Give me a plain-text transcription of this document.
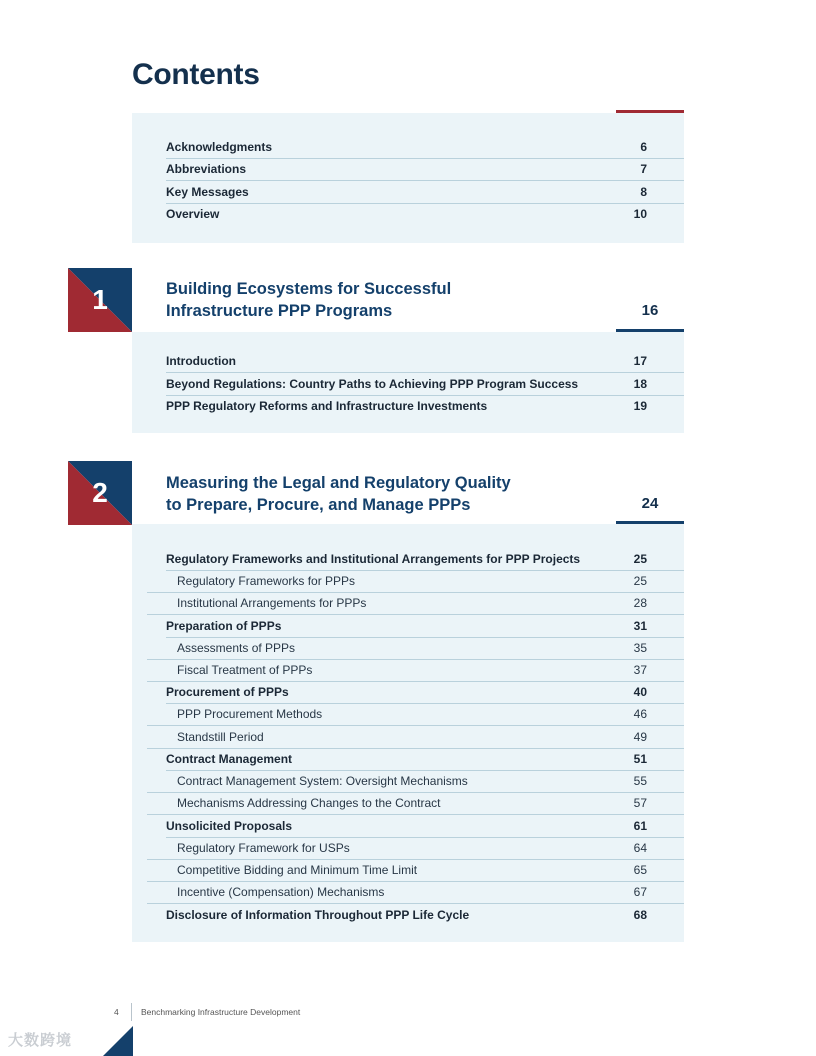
Contents
Acknowledgments	6
Abbreviations	7
Key Messages	8
Overview	10
1	Building Ecosystems for Successful
Infrastructure PPP Programs	16
Introduction	17
Beyond Regulations: Country Paths to Achieving PPP Program Success	18
PPP Regulatory Reforms and Infrastructure Investments	19
2	Measuring the Legal and Regulatory Quality
to Prepare, Procure, and Manage PPPs	24
Regulatory Frameworks and Institutional Arrangements for PPP Projects	25
Regulatory Frameworks for PPPs	25
Institutional Arrangements for PPPs	28
Preparation of PPPs	31
Assessments of PPPs	35
Fiscal Treatment of PPPs	37
Procurement of PPPs	40
PPP Procurement Methods	46
Standstill Period	49
Contract Management	51
Contract Management System: Oversight Mechanisms	55
Mechanisms Addressing Changes to the Contract	57
Unsolicited Proposals	61
Regulatory Framework for USPs	64
Competitive Bidding and Minimum Time Limit	65
Incentive (Compensation) Mechanisms	67
Disclosure of Information Throughout PPP Life Cycle	68
4	Benchmarking Infrastructure Development
大数跨境
